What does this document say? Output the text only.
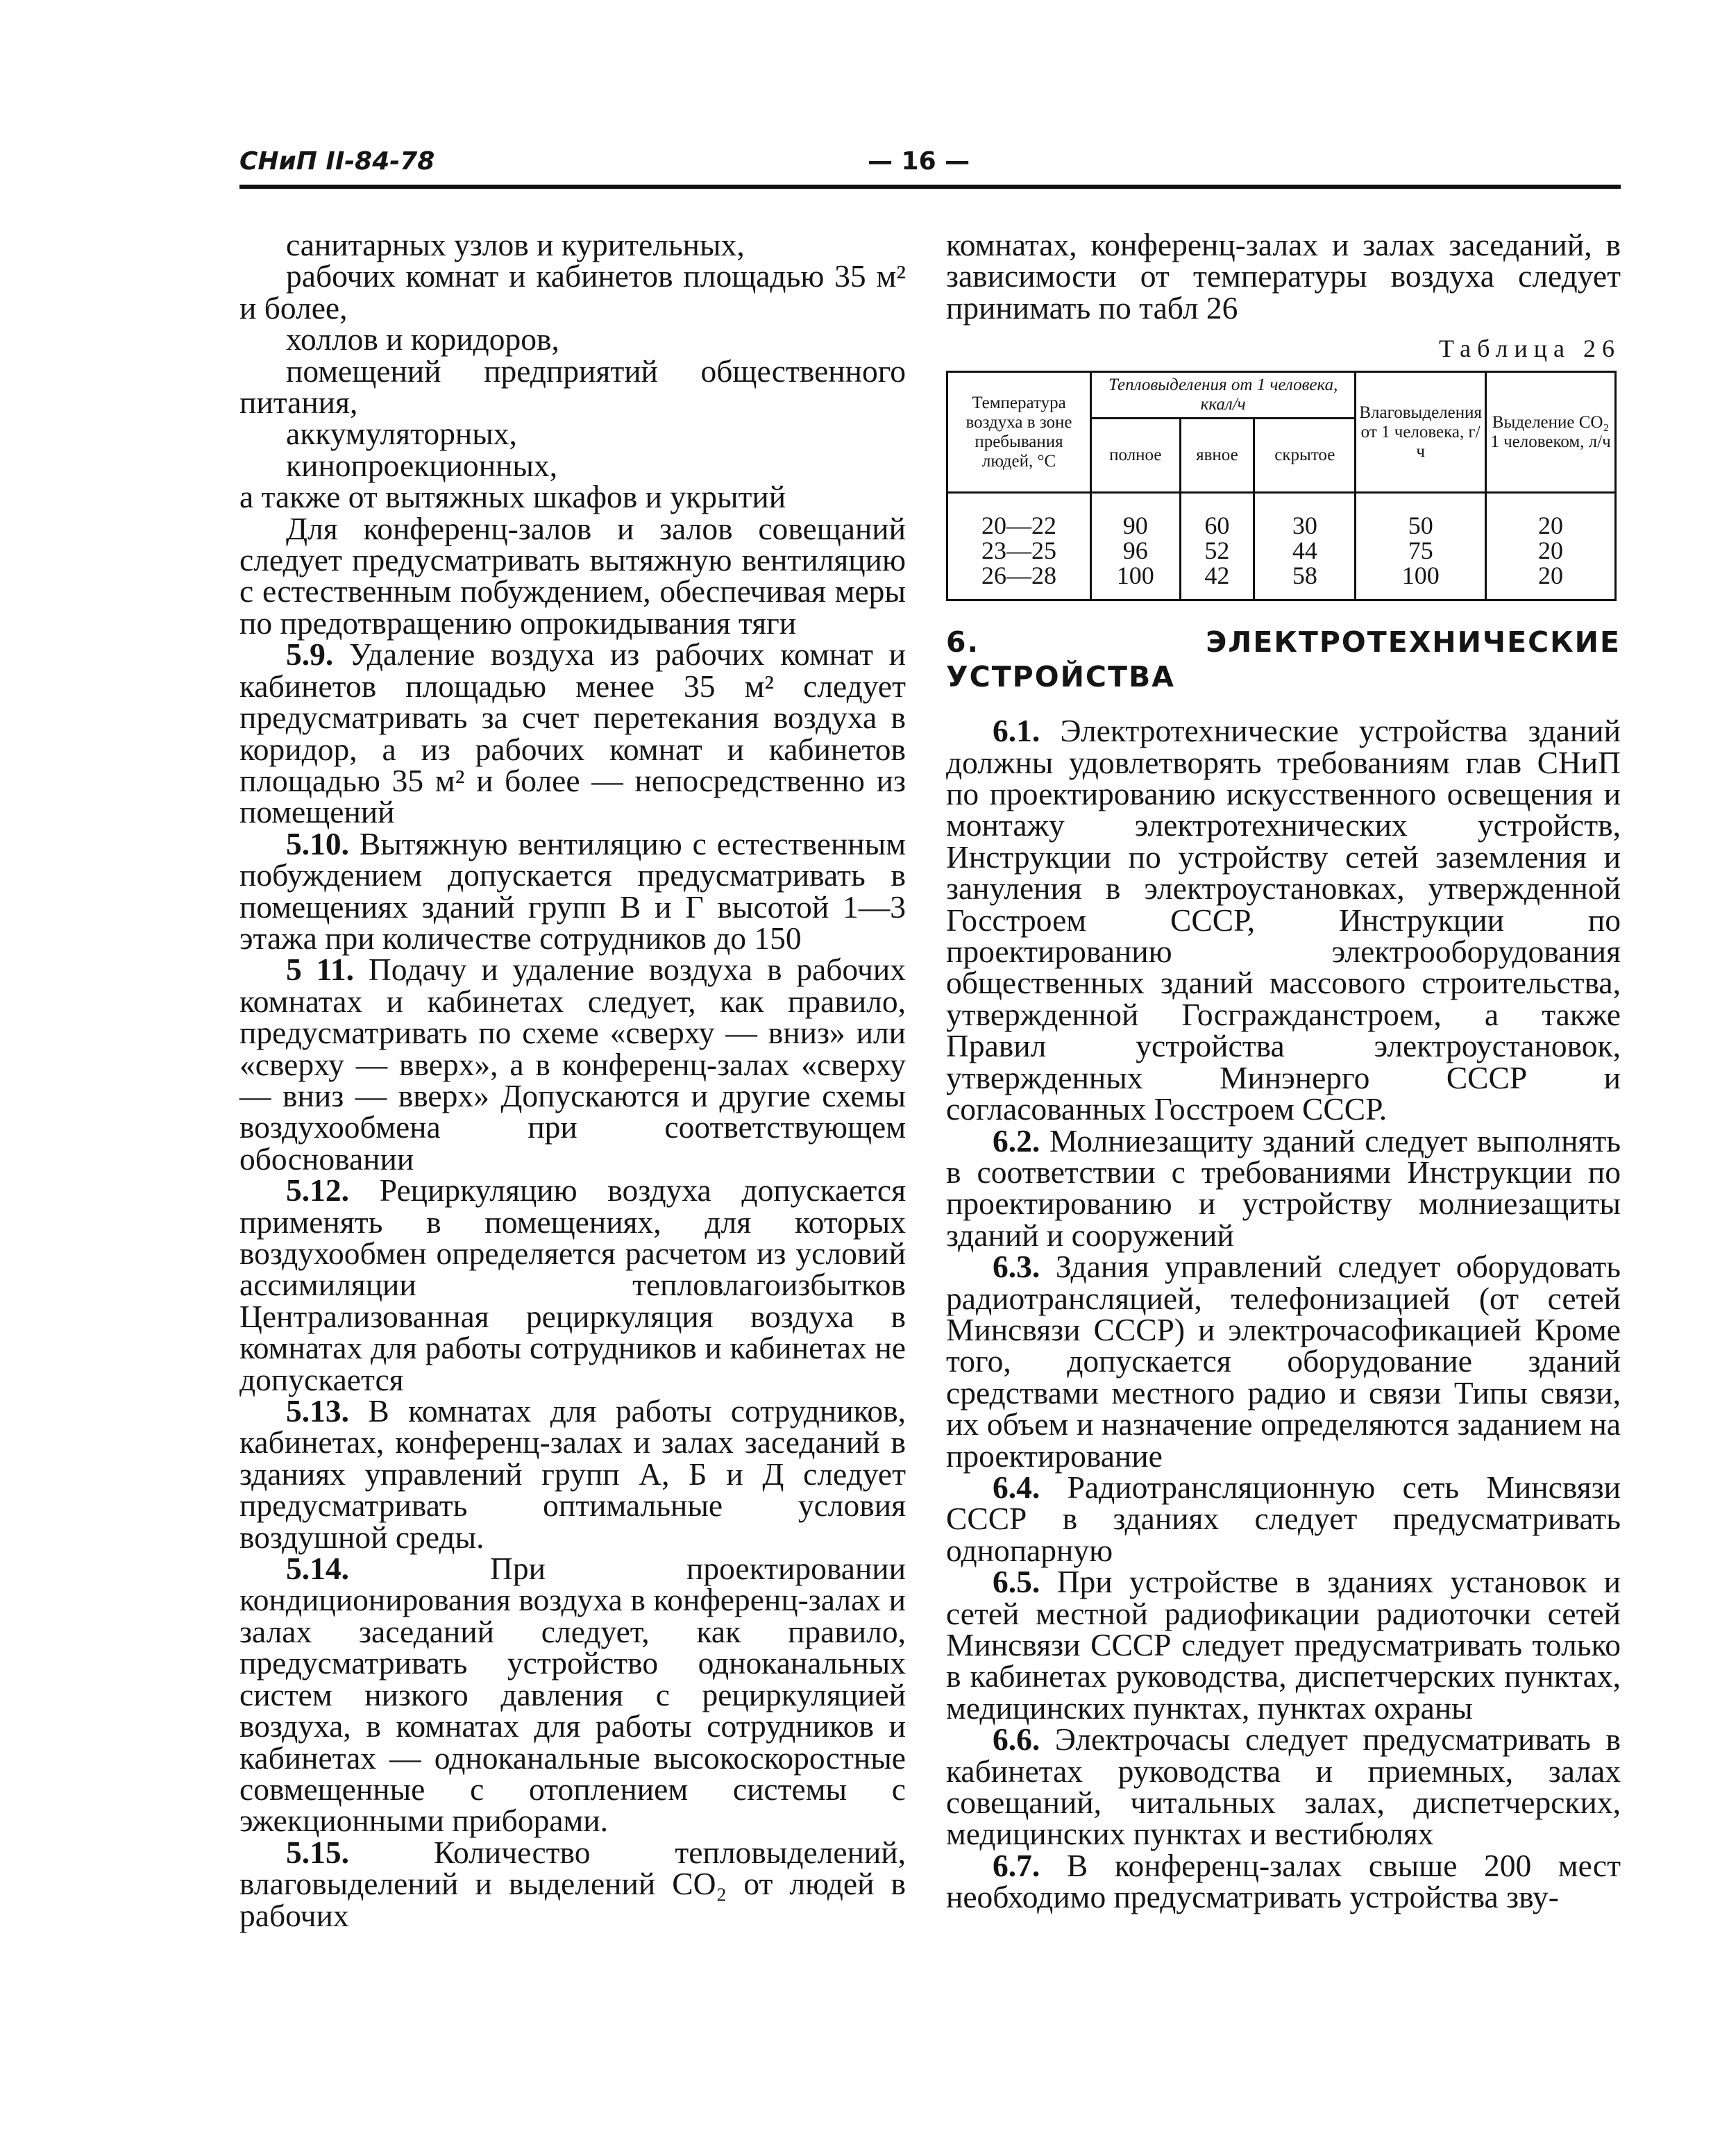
СНиП II-84-78	— 16 —

санитарных узлов и курительных,

рабочих комнат и кабинетов площадью 35 м² и более,

холлов и коридоров,

помещений предприятий общественного питания,

аккумуляторных,

кинопроекционных,

а также от вытяжных шкафов и укрытий

Для конференц-залов и залов совещаний следует предусматривать вытяжную вентиляцию с естественным побуждением, обеспечивая меры по предотвращению опрокидывания тяги

5.9. Удаление воздуха из рабочих комнат и кабинетов площадью менее 35 м² следует предусматривать за счет перетекания воздуха в коридор, а из рабочих комнат и кабинетов площадью 35 м² и более — непосредственно из помещений

5.10. Вытяжную вентиляцию с естественным побуждением допускается предусматривать в помещениях зданий групп В и Г высотой 1—3 этажа при количестве сотрудников до 150

5 11. Подачу и удаление воздуха в рабочих комнатах и кабинетах следует, как правило, предусматривать по схеме «сверху — вниз» или «сверху — вверх», а в конференц-залах «сверху — вниз — вверх» Допускаются и другие схемы воздухообмена при соответствующем обосновании

5.12. Рециркуляцию воздуха допускается применять в помещениях, для которых воздухообмен определяется расчетом из условий ассимиляции тепловлагоизбытков Централизованная рециркуляция воздуха в комнатах для работы сотрудников и кабинетах не допускается

5.13. В комнатах для работы сотрудников, кабинетах, конференц-залах и залах заседаний в зданиях управлений групп А, Б и Д следует предусматривать оптимальные условия воздушной среды.

5.14. При проектировании кондиционирования воздуха в конференц-залах и залах заседаний следует, как правило, предусматривать устройство одноканальных систем низкого давления с рециркуляцией воздуха, в комнатах для работы сотрудников и кабинетах — одноканальные высокоскоростные совмещенные с отоплением системы с эжекционными приборами.

5.15. Количество тепловыделений, влаговыделений и выделений СО₂ от людей в рабочих

комнатах, конференц-залах и залах заседаний, в зависимости от температуры воздуха следует принимать по табл 26

Таблица 26
Температура воздуха в зоне пребывания людей, °С	Тепловыделения от 1 человека, ккал/ч			Влаговыделения от 1 человека, г/ч	Выделение СО₂ 1 человеком, л/ч
	полное	явное	скрытое		
20—22	90	60	30	50	20
23—25	96	52	44	75	20
26—28	100	42	58	100	20
6. ЭЛЕКТРОТЕХНИЧЕСКИЕ УСТРОЙСТВА

6.1. Электротехнические устройства зданий должны удовлетворять требованиям глав СНиП по проектированию искусственного освещения и монтажу электротехнических устройств, Инструкции по устройству сетей заземления и зануления в электроустановках, утвержденной Госстроем СССР, Инструкции по проектированию электрооборудования общественных зданий массового строительства, утвержденной Госгражданстроем, а также Правил устройства электроустановок, утвержденных Минэнерго СССР и согласованных Госстроем СССР.

6.2. Молниезащиту зданий следует выполнять в соответствии с требованиями Инструкции по проектированию и устройству молниезащиты зданий и сооружений

6.3. Здания управлений следует оборудовать радиотрансляцией, телефонизацией (от сетей Минсвязи СССР) и электрочасофикацией Кроме того, допускается оборудование зданий средствами местного радио и связи Типы связи, их объем и назначение определяются заданием на проектирование

6.4. Радиотрансляционную сеть Минсвязи СССР в зданиях следует предусматривать однопарную

6.5. При устройстве в зданиях установок и сетей местной радиофикации радиоточки сетей Минсвязи СССР следует предусматривать только в кабинетах руководства, диспетчерских пунктах, медицинских пунктах, пунктах охраны

6.6. Электрочасы следует предусматривать в кабинетах руководства и приемных, залах совещаний, читальных залах, диспетчерских, медицинских пунктах и вестибюлях

6.7. В конференц-залах свыше 200 мест необходимо предусматривать устройства зву-
